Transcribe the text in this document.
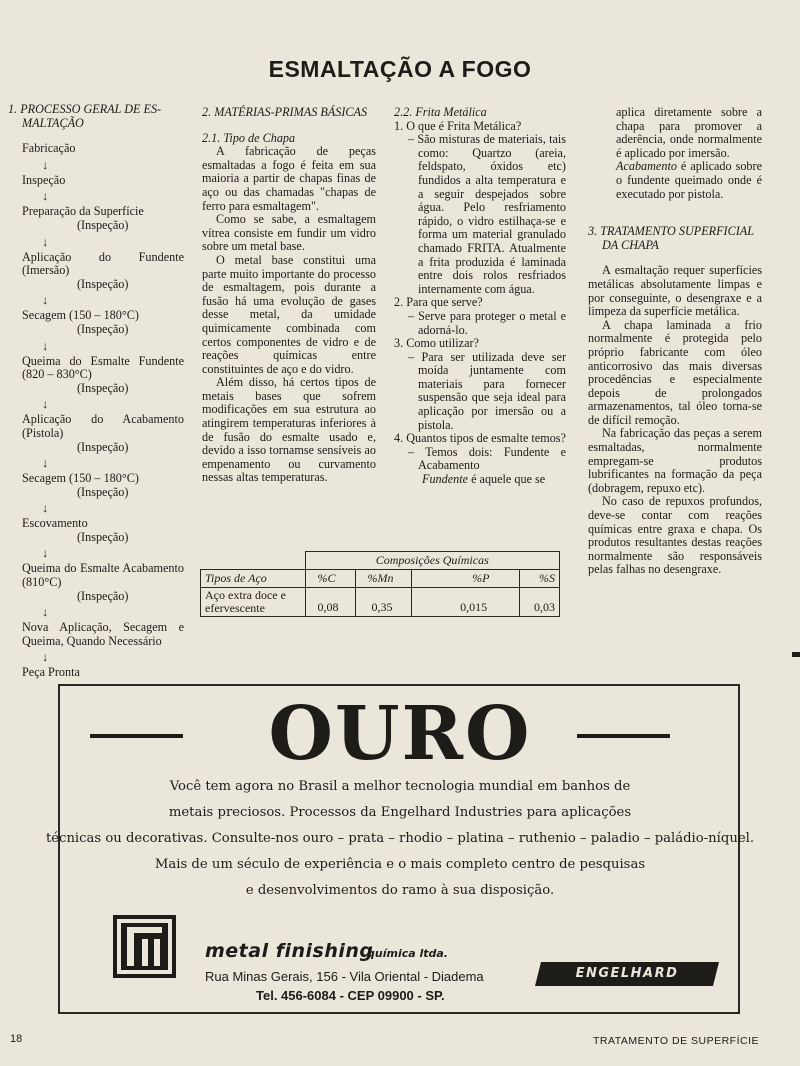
ESMALTAÇÃO A FOGO

1. PROCESSO GERAL DE ES-MALTAÇÃO

Fabricação
↓
Inspeção
↓
Preparação da Superfície
(Inspeção)
↓
Aplicação do Fundente (Imersão)
(Inspeção)
↓
Secagem (150 – 180°C)
(Inspeção)
↓
Queima do Esmalte Fundente (820 – 830°C)
(Inspeção)
↓
Aplicação do Acabamento (Pistola)
(Inspeção)
↓
Secagem (150 – 180°C)
(Inspeção)
↓
Escovamento
(Inspeção)
↓
Queima do Esmalte Acabamento (810°C)
(Inspeção)
↓
Nova Aplicação, Secagem e Queima, Quando Necessário
↓
Peça Pronta

2. MATÉRIAS-PRIMAS BÁSICAS

2.1. Tipo de Chapa

A fabricação de peças esmaltadas a fogo é feita em sua maioria a partir de chapas finas de aço ou das chamadas "chapas de ferro para esmaltagem".

Como se sabe, a esmaltagem vítrea consiste em fundir um vidro sobre um metal base.

O metal base constitui uma parte muito importante do processo de esmaltagem, pois durante a fusão há uma evolução de gases desse metal, da umidade quimicamente combinada com certos componentes de vidro e de reações químicas entre constituintes de aço e do vidro.

Além disso, há certos tipos de metais bases que sofrem modificações em sua estrutura ao atingirem temperaturas inferiores à de fusão do esmalte usado e, devido a isso tornamse sensíveis ao empenamento ou curvamento nessas altas temperaturas.

2.2. Frita Metálica

1. O que é Frita Metálica?

– São misturas de materiais, tais como: Quartzo (areia, feldspato, óxidos etc) fundidos a alta temperatura e a seguir despejados sobre água. Pelo resfriamento rápido, o vidro estilhaça-se e forma um material granulado chamado FRITA. Atualmente a frita produzida é laminada entre dois rolos resfriados internamente com água.

2. Para que serve?

– Serve para proteger o metal e adorná-lo.

3. Como utilizar?

– Para ser utilizada deve ser moída juntamente com materiais para fornecer suspensão que seja ideal para aplicação por imersão ou a pistola.

4. Quantos tipos de esmalte temos?

– Temos dois: Fundente e Acabamento

Fundente é aquele que se

aplica diretamente sobre a chapa para promover a aderência, onde normalmente é aplicado por imersão.

Acabamento é aplicado sobre o fundente queimado onde é executado por pistola.

3. TRATAMENTO SUPERFICIAL DA CHAPA

A esmaltação requer superfícies metálicas absolutamente limpas e por conseguinte, o desengraxe e a limpeza da superfície metálica.

A chapa laminada a frio normalmente é protegida pelo próprio fabricante com óleo anticorrosivo das mais diversas procedências e especialmente depois de prolongados armazenamentos, tal óleo torna-se de difícil remoção.

Na fabricação das peças a serem esmaltadas, normalmente empregam-se produtos lubrificantes na formação da peça (dobragem, repuxo etc).

No caso de repuxos profundos, deve-se contar com reações químicas entre graxa e chapa. Os produtos resultantes destas reações normalmente são responsáveis pelas falhas no desengraxe.

	Composições Químicas			
Tipos de Aço	%C	%Mn	%P	%S
Aço extra doce e efervescente	0,08	0,35	0,015	0,03
OURO
Você tem agora no Brasil a melhor tecnologia mundial em banhos de
metais preciosos. Processos da Engelhard Industries para aplicações
técnicas ou decorativas. Consulte-nos ouro – prata – rhodio – platina – ruthenio – paladio – paládio-níquel.
Mais de um século de experiência e o mais completo centro de pesquisas
e desenvolvimentos do ramo à sua disposição.
metal finishing
química ltda.
Rua Minas Gerais, 156 - Vila Oriental - Diadema
Tel. 456-6084 - CEP 09900 - SP.
ENGELHARD
18	TRATAMENTO DE SUPERFÍCIE
